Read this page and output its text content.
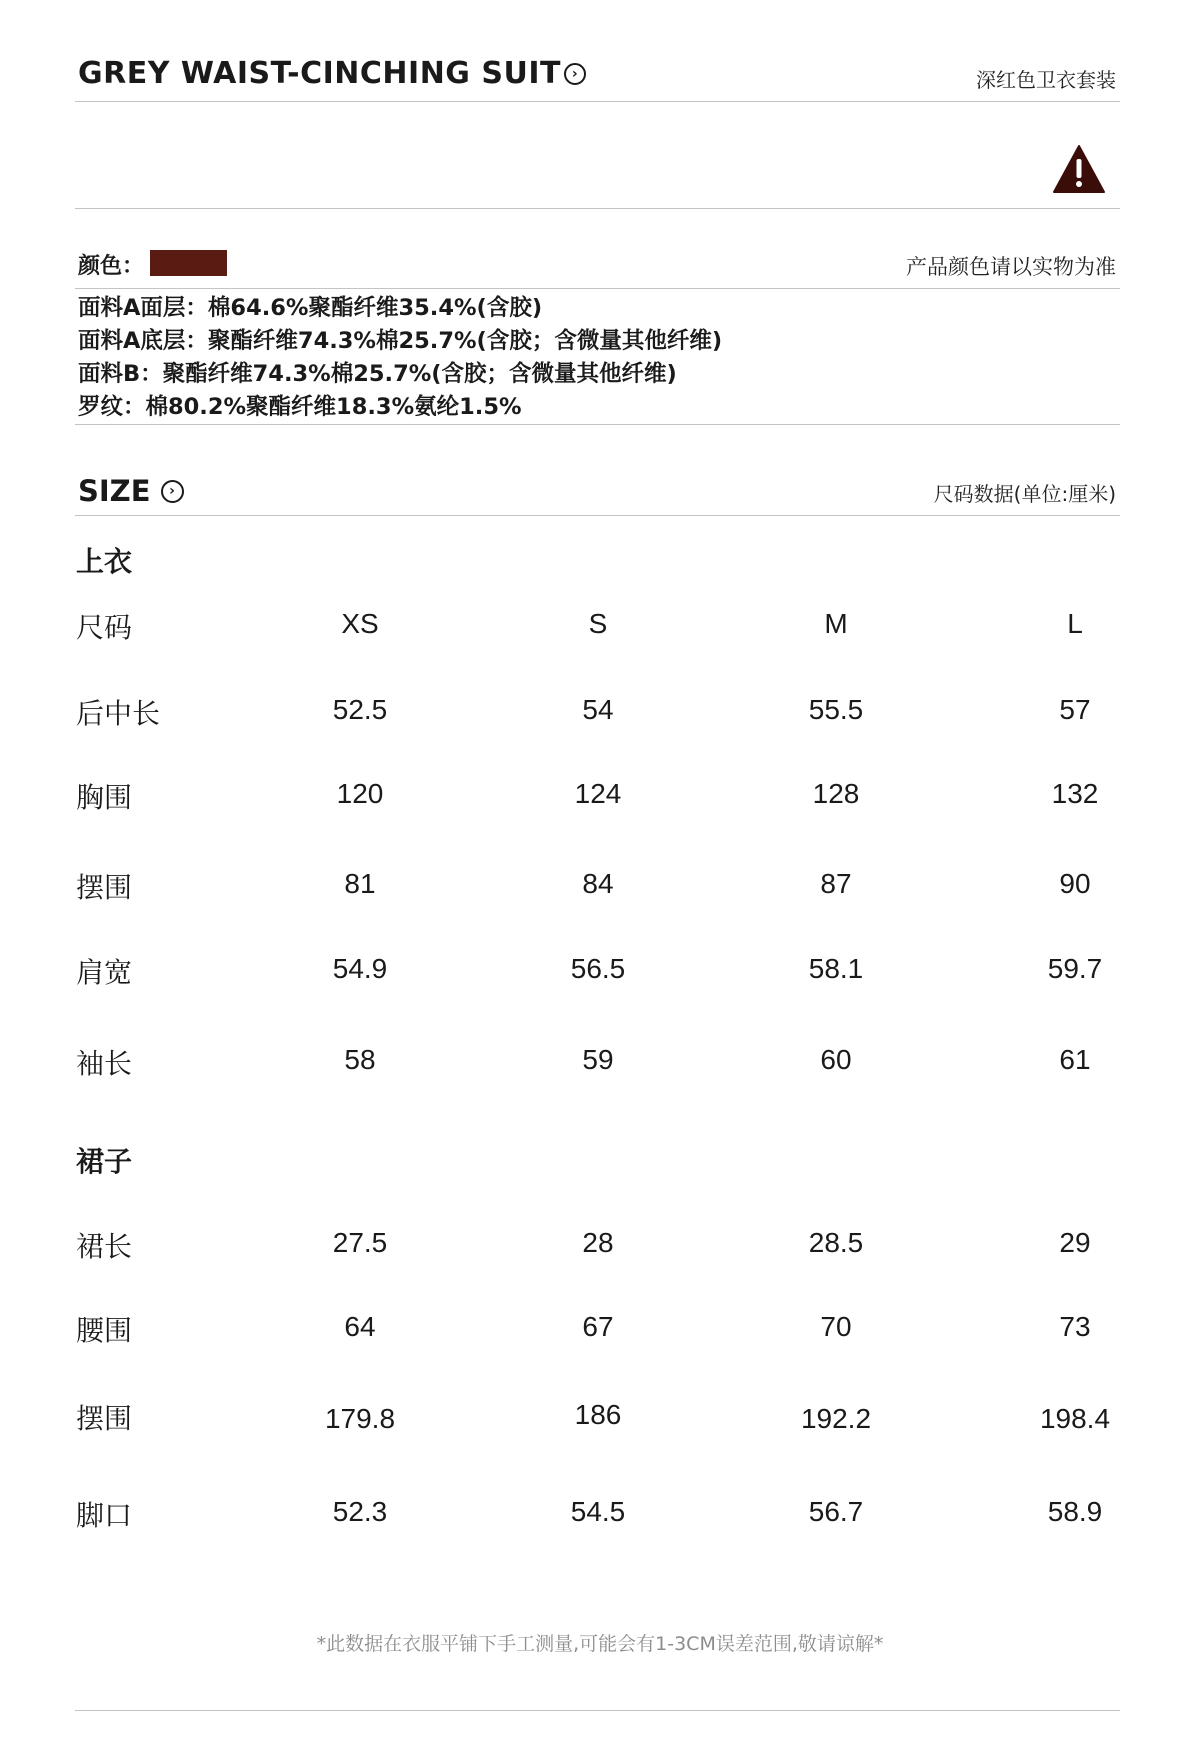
GREY WAIST-CINCHING SUIT ›	深红色卫衣套装
颜色：	产品颜色请以实物为准
面料A面层：棉64.6%聚酯纤维35.4%(含胶)
面料A底层：聚酯纤维74.3%棉25.7%(含胶；含微量其他纤维)
面料B：聚酯纤维74.3%棉25.7%(含胶；含微量其他纤维)
罗纹：棉80.2%聚酯纤维18.3%氨纶1.5%
SIZE	›	尺码数据(单位:厘米)
上衣
尺码	XS	S	M	L
后中长	52.5	54	55.5	57
胸围	120	124	128	132
摆围	81	84	87	90
肩宽	54.9	56.5	58.1	59.7
袖长	58	59	60	61
裙子
裙长	27.5	28	28.5	29
腰围	64	67	70	73
摆围	179.8	186	192.2	198.4
脚口	52.3	54.5	56.7	58.9
*此数据在衣服平铺下手工测量,可能会有1-3CM误差范围,敬请谅解*
